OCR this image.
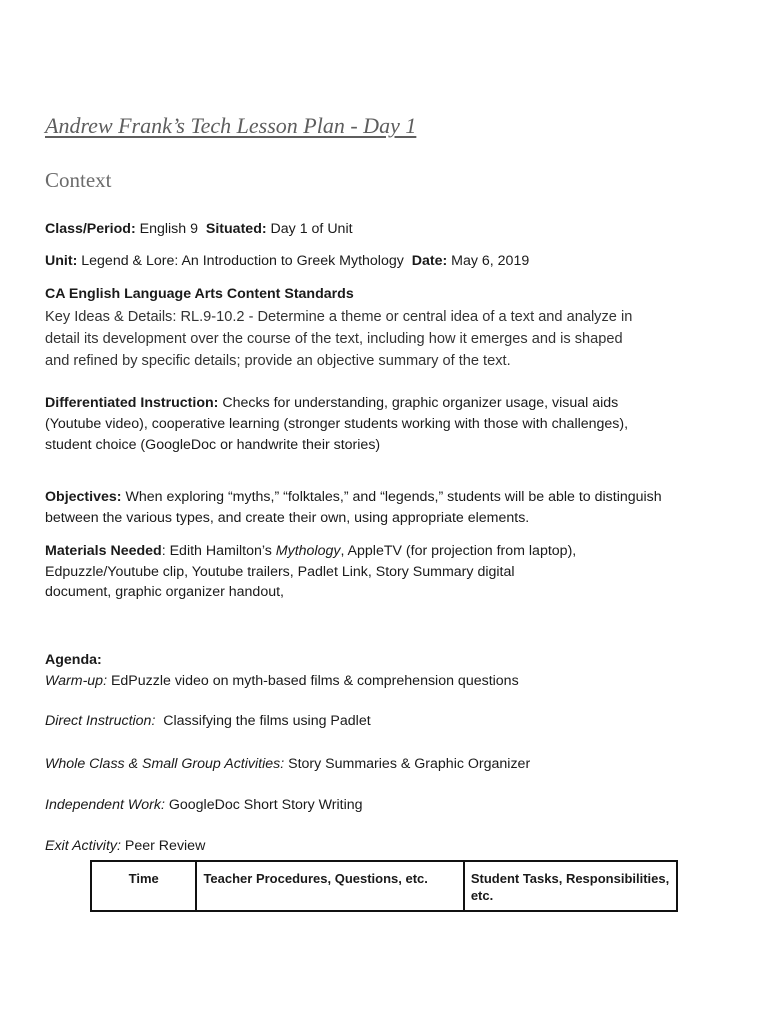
Andrew Frank’s Tech Lesson Plan - Day 1
Context
Class/Period: English 9  Situated: Day 1 of Unit
Unit: Legend & Lore: An Introduction to Greek Mythology  Date: May 6, 2019
CA English Language Arts Content Standards
Key Ideas & Details: RL.9-10.2 - Determine a theme or central idea of a text and analyze in
detail its development over the course of the text, including how it emerges and is shaped
and refined by specific details; provide an objective summary of the text.
Differentiated Instruction: Checks for understanding, graphic organizer usage, visual aids
(Youtube video), cooperative learning (stronger students working with those with challenges),
student choice (GoogleDoc or handwrite their stories)
Objectives: When exploring “myths,” “folktales,” and “legends,” students will be able to distinguish
between the various types, and create their own, using appropriate elements.
Materials Needed: Edith Hamilton’s Mythology, AppleTV (for projection from laptop),
Edpuzzle/Youtube clip, Youtube trailers, Padlet Link, Story Summary digital
document, graphic organizer handout,
Agenda:
Warm-up: EdPuzzle video on myth-based films & comprehension questions
Direct Instruction:  Classifying the films using Padlet
Whole Class & Small Group Activities: Story Summaries & Graphic Organizer
Independent Work: GoogleDoc Short Story Writing
Exit Activity: Peer Review
Time	Teacher Procedures, Questions, etc.	Student Tasks, Responsibilities, etc.
